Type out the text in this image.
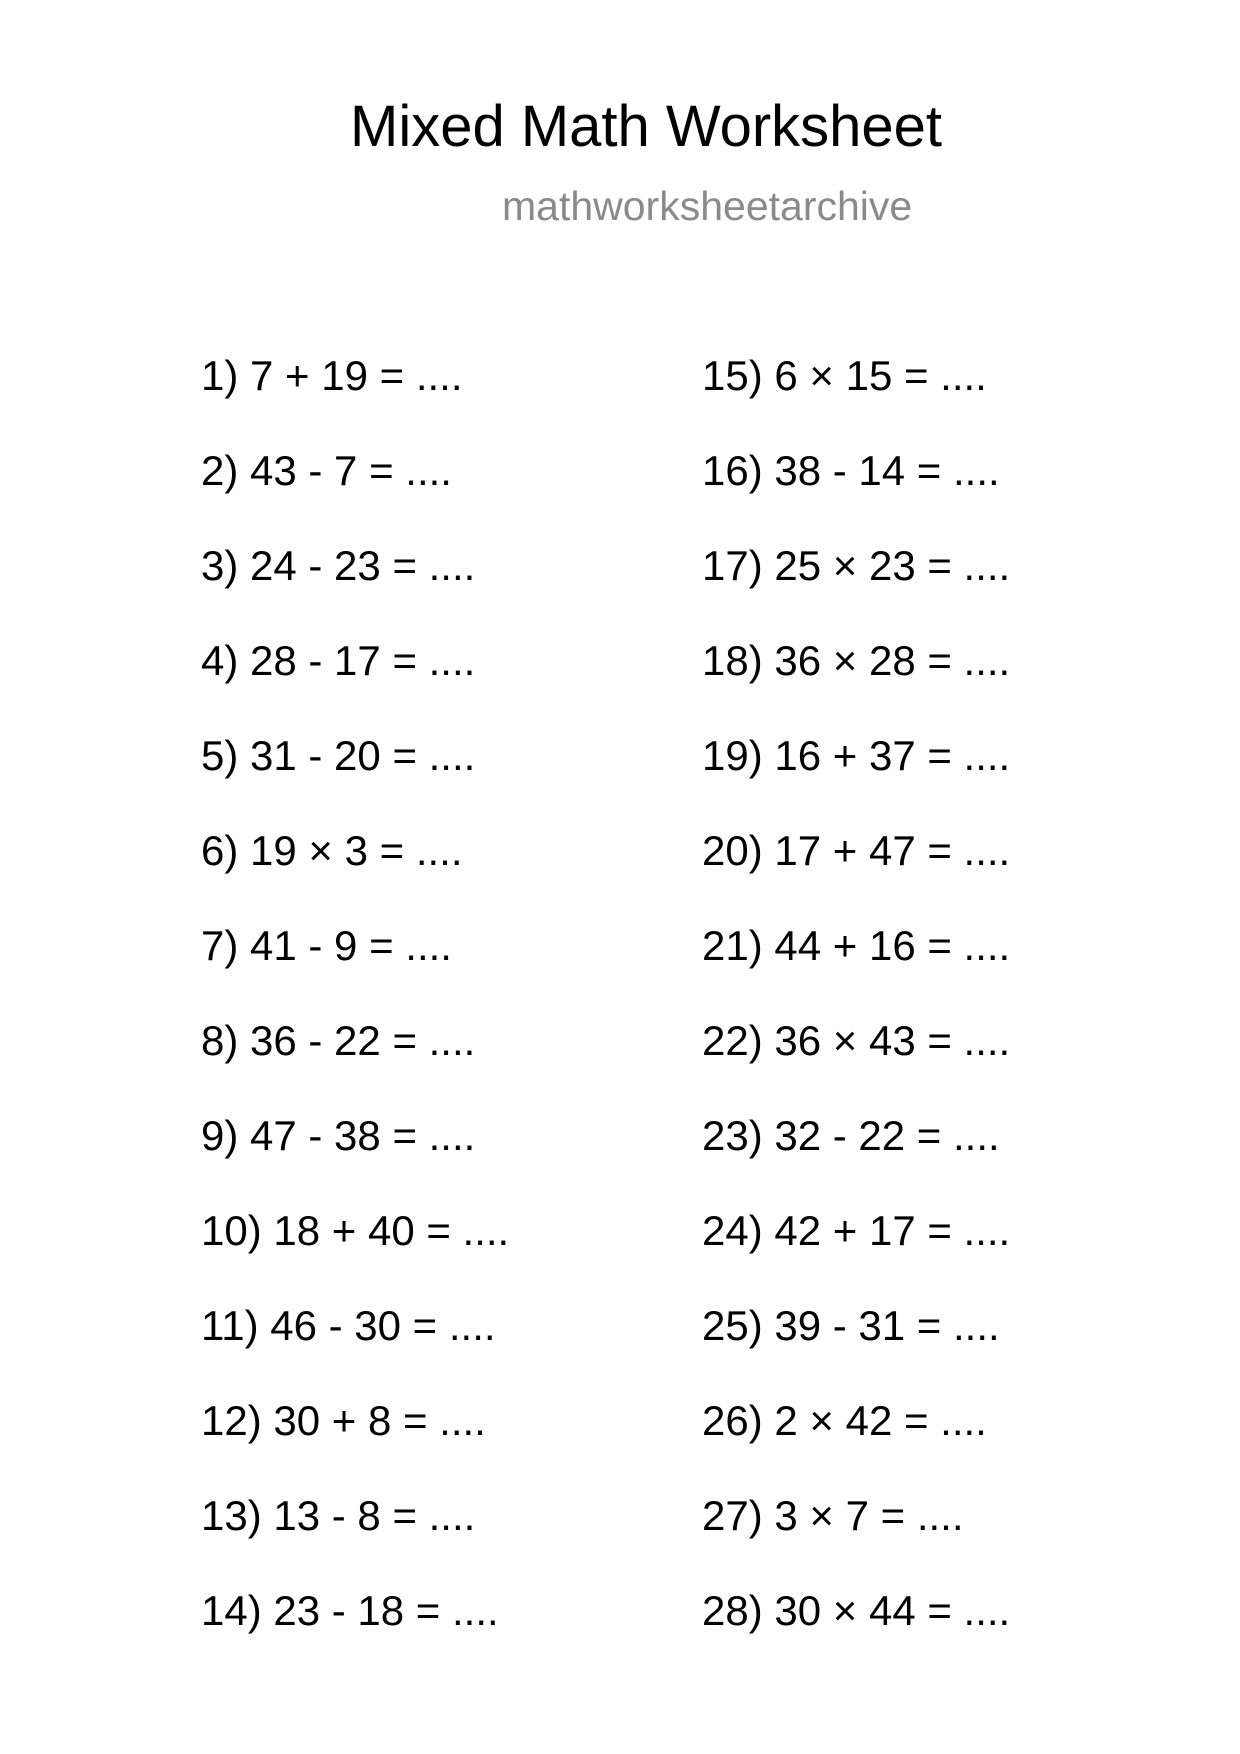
Mixed Math Worksheet
mathworksheetarchive
1) 7 + 19 = ....
2) 43 - 7 = ....
3) 24 - 23 = ....
4) 28 - 17 = ....
5) 31 - 20 = ....
6) 19 × 3 = ....
7) 41 - 9 = ....
8) 36 - 22 = ....
9) 47 - 38 = ....
10) 18 + 40 = ....
11) 46 - 30 = ....
12) 30 + 8 = ....
13) 13 - 8 = ....
14) 23 - 18 = ....
15) 6 × 15 = ....
16) 38 - 14 = ....
17) 25 × 23 = ....
18) 36 × 28 = ....
19) 16 + 37 = ....
20) 17 + 47 = ....
21) 44 + 16 = ....
22) 36 × 43 = ....
23) 32 - 22 = ....
24) 42 + 17 = ....
25) 39 - 31 = ....
26) 2 × 42 = ....
27) 3 × 7 = ....
28) 30 × 44 = ....
